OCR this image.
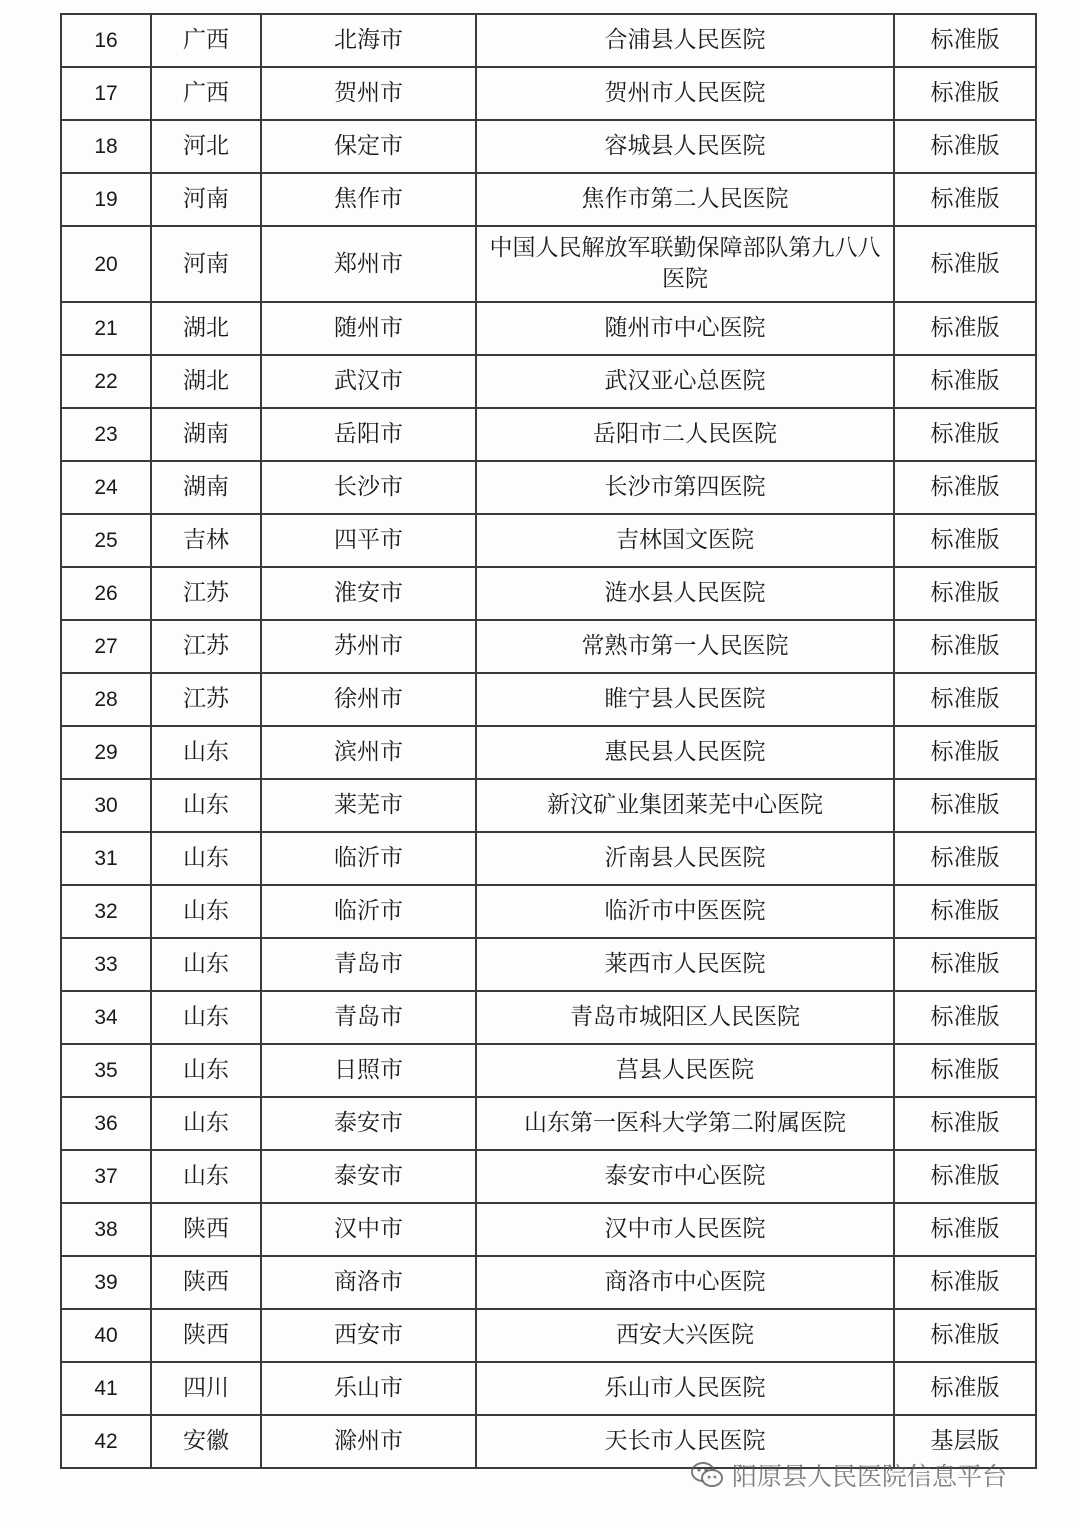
16	广西	北海市	合浦县人民医院	标准版
17	广西	贺州市	贺州市人民医院	标准版
18	河北	保定市	容城县人民医院	标准版
19	河南	焦作市	焦作市第二人民医院	标准版
20	河南	郑州市	中国人民解放军联勤保障部队第九八八医院	标准版
21	湖北	随州市	随州市中心医院	标准版
22	湖北	武汉市	武汉亚心总医院	标准版
23	湖南	岳阳市	岳阳市二人民医院	标准版
24	湖南	长沙市	长沙市第四医院	标准版
25	吉林	四平市	吉林国文医院	标准版
26	江苏	淮安市	涟水县人民医院	标准版
27	江苏	苏州市	常熟市第一人民医院	标准版
28	江苏	徐州市	睢宁县人民医院	标准版
29	山东	滨州市	惠民县人民医院	标准版
30	山东	莱芜市	新汶矿业集团莱芜中心医院	标准版
31	山东	临沂市	沂南县人民医院	标准版
32	山东	临沂市	临沂市中医医院	标准版
33	山东	青岛市	莱西市人民医院	标准版
34	山东	青岛市	青岛市城阳区人民医院	标准版
35	山东	日照市	莒县人民医院	标准版
36	山东	泰安市	山东第一医科大学第二附属医院	标准版
37	山东	泰安市	泰安市中心医院	标准版
38	陕西	汉中市	汉中市人民医院	标准版
39	陕西	商洛市	商洛市中心医院	标准版
40	陕西	西安市	西安大兴医院	标准版
41	四川	乐山市	乐山市人民医院	标准版
42	安徽	滁州市	天长市人民医院	基层版
阳原县人民医院信息平台
